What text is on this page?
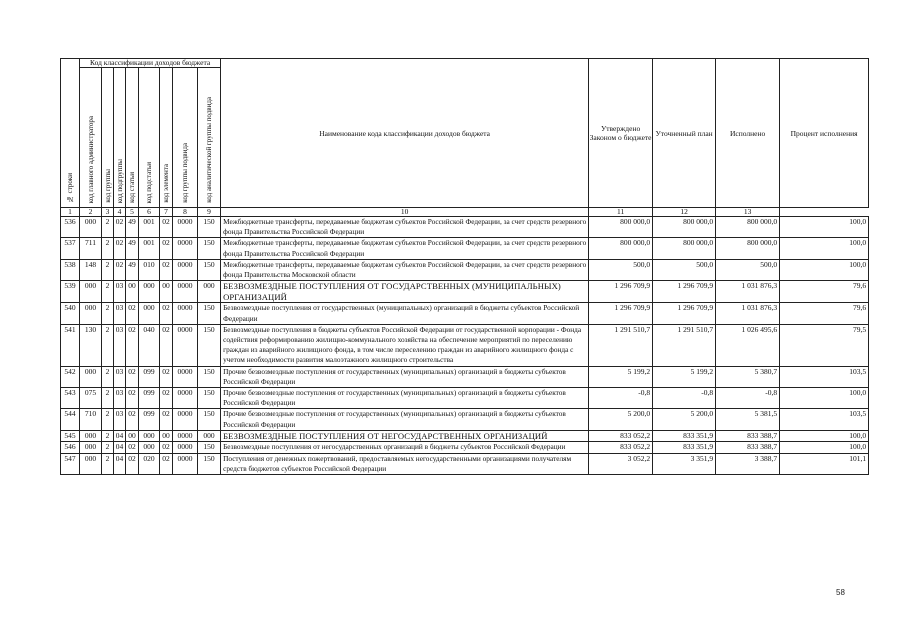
№ строки	Код классификации доходов бюджета								Наименование кода классификации доходов бюджета	Утверждено Законом о бюджете	Уточненный план	Исполнено	Процент исполнения
	код главного администратора	код группы	код подгруппы	код статьи	код подстатьи	код элемента	код группы подвида	код аналитической группы подвида					
1	2	3	4	5	6	7	8	9	10	11	12	13	
536	000	2	02	49	001	02	0000	150	Межбюджетные трансферты, передаваемые бюджетам субъектов Российской Федерации, за счет средств резервного фонда Правительства Российской Федерации	800 000,0	800 000,0	800 000,0	100,0
537	711	2	02	49	001	02	0000	150	Межбюджетные трансферты, передаваемые бюджетам субъектов Российской Федерации, за счет средств резервного фонда Правительства Российской Федерации	800 000,0	800 000,0	800 000,0	100,0
538	148	2	02	49	010	02	0000	150	Межбюджетные трансферты, передаваемые бюджетам субъектов Российской Федерации, за счет средств резервного фонда Правительства Московской области	500,0	500,0	500,0	100,0
539	000	2	03	00	000	00	0000	000	БЕЗВОЗМЕЗДНЫЕ ПОСТУПЛЕНИЯ ОТ ГОСУДАРСТВЕННЫХ (МУНИЦИПАЛЬНЫХ) ОРГАНИЗАЦИЙ	1 296 709,9	1 296 709,9	1 031 876,3	79,6
540	000	2	03	02	000	02	0000	150	Безвозмездные поступления от государственных (муниципальных) организаций в бюджеты субъектов Российской Федерации	1 296 709,9	1 296 709,9	1 031 876,3	79,6
541	130	2	03	02	040	02	0000	150	Безвозмездные поступления в бюджеты субъектов Российской Федерации от государственной корпорации - Фонда содействия реформированию жилищно-коммунального хозяйства на обеспечение мероприятий по переселению граждан из аварийного жилищного фонда, в том числе переселению граждан из аварийного жилищного фонда с учетом необходимости развития малоэтажного жилищного строительства	1 291 510,7	1 291 510,7	1 026 495,6	79,5
542	000	2	03	02	099	02	0000	150	Прочие безвозмездные поступления от государственных (муниципальных) организаций в бюджеты субъектов Российской Федерации	5 199,2	5 199,2	5 380,7	103,5
543	075	2	03	02	099	02	0000	150	Прочие безвозмездные поступления от государственных (муниципальных) организаций в бюджеты субъектов Российской Федерации	-0,8	-0,8	-0,8	100,0
544	710	2	03	02	099	02	0000	150	Прочие безвозмездные поступления от государственных (муниципальных) организаций в бюджеты субъектов Российской Федерации	5 200,0	5 200,0	5 381,5	103,5
545	000	2	04	00	000	00	0000	000	БЕЗВОЗМЕЗДНЫЕ ПОСТУПЛЕНИЯ ОТ НЕГОСУДАРСТВЕННЫХ ОРГАНИЗАЦИЙ	833 052,2	833 351,9	833 388,7	100,0
546	000	2	04	02	000	02	0000	150	Безвозмездные поступления от негосударственных организаций в бюджеты субъектов Российской Федерации	833 052,2	833 351,9	833 388,7	100,0
547	000	2	04	02	020	02	0000	150	Поступления от денежных пожертвований, предоставляемых негосударственными организациями получателям средств бюджетов субъектов Российской Федерации	3 052,2	3 351,9	3 388,7	101,1
58
